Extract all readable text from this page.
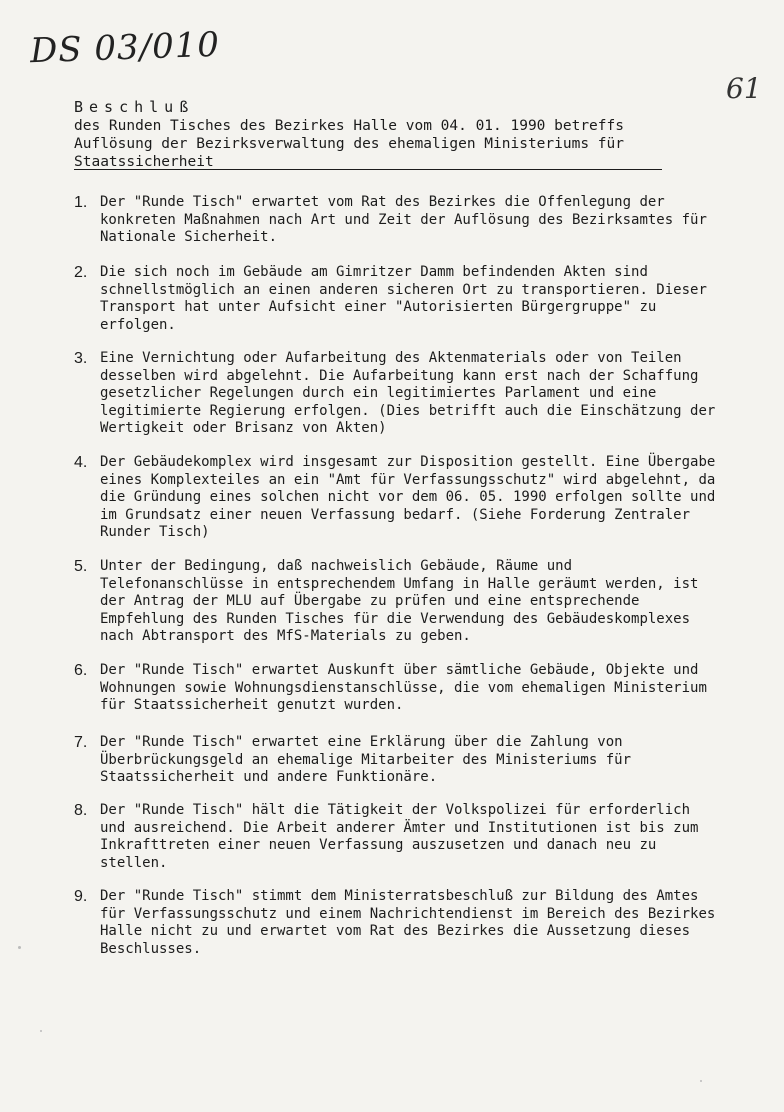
DS 03/010
61
Beschluß
des Runden Tisches des Bezirkes Halle vom 04. 01. 1990 betreffs Auflösung der Bezirksverwaltung des ehemaligen Ministeriums für Staatssicherheit
1. Der "Runde Tisch" erwartet vom Rat des Bezirkes die Offenlegung der konkreten Maßnahmen nach Art und Zeit der Auflösung des Bezirksamtes für Nationale Sicherheit.
2. Die sich noch im Gebäude am Gimritzer Damm befindenden Akten sind schnellstmöglich an einen anderen sicheren Ort zu transportieren. Dieser Transport hat unter Aufsicht einer "Autorisierten Bürgergruppe" zu erfolgen.
3. Eine Vernichtung oder Aufarbeitung des Aktenmaterials oder von Teilen desselben wird abgelehnt. Die Aufarbeitung kann erst nach der Schaffung gesetzlicher Regelungen durch ein legitimiertes Parlament und eine legitimierte Regierung erfolgen. (Dies betrifft auch die Einschätzung der Wertigkeit oder Brisanz von Akten)
4. Der Gebäudekomplex wird insgesamt zur Disposition gestellt. Eine Übergabe eines Komplexteiles an ein "Amt für Verfassungsschutz" wird abgelehnt, da die Gründung eines solchen nicht vor dem 06. 05. 1990 erfolgen sollte und im Grundsatz einer neuen Verfassung bedarf. (Siehe Forderung Zentraler Runder Tisch)
5. Unter der Bedingung, daß nachweislich Gebäude, Räume und Telefonanschlüsse in entsprechendem Umfang in Halle geräumt werden, ist der Antrag der MLU auf Übergabe zu prüfen und eine entsprechende Empfehlung des Runden Tisches für die Verwendung des Gebäudeskomplexes nach Abtransport des MfS-Materials zu geben.
6. Der "Runde Tisch" erwartet Auskunft über sämtliche Gebäude, Objekte und Wohnungen sowie Wohnungsdienstanschlüsse, die vom ehemaligen Ministerium für Staatssicherheit genutzt wurden.
7. Der "Runde Tisch" erwartet eine Erklärung über die Zahlung von Überbrückungsgeld an ehemalige Mitarbeiter des Ministeriums für Staatssicherheit und andere Funktionäre.
8. Der "Runde Tisch" hält die Tätigkeit der Volkspolizei für erforderlich und ausreichend. Die Arbeit anderer Ämter und Institutionen ist bis zum Inkrafttreten einer neuen Verfassung auszusetzen und danach neu zu stellen.
9. Der "Runde Tisch" stimmt dem Ministerratsbeschluß zur Bildung des Amtes für Verfassungsschutz und einem Nachrichtendienst im Bereich des Bezirkes Halle nicht zu und erwartet vom Rat des Bezirkes die Aussetzung dieses Beschlusses.
